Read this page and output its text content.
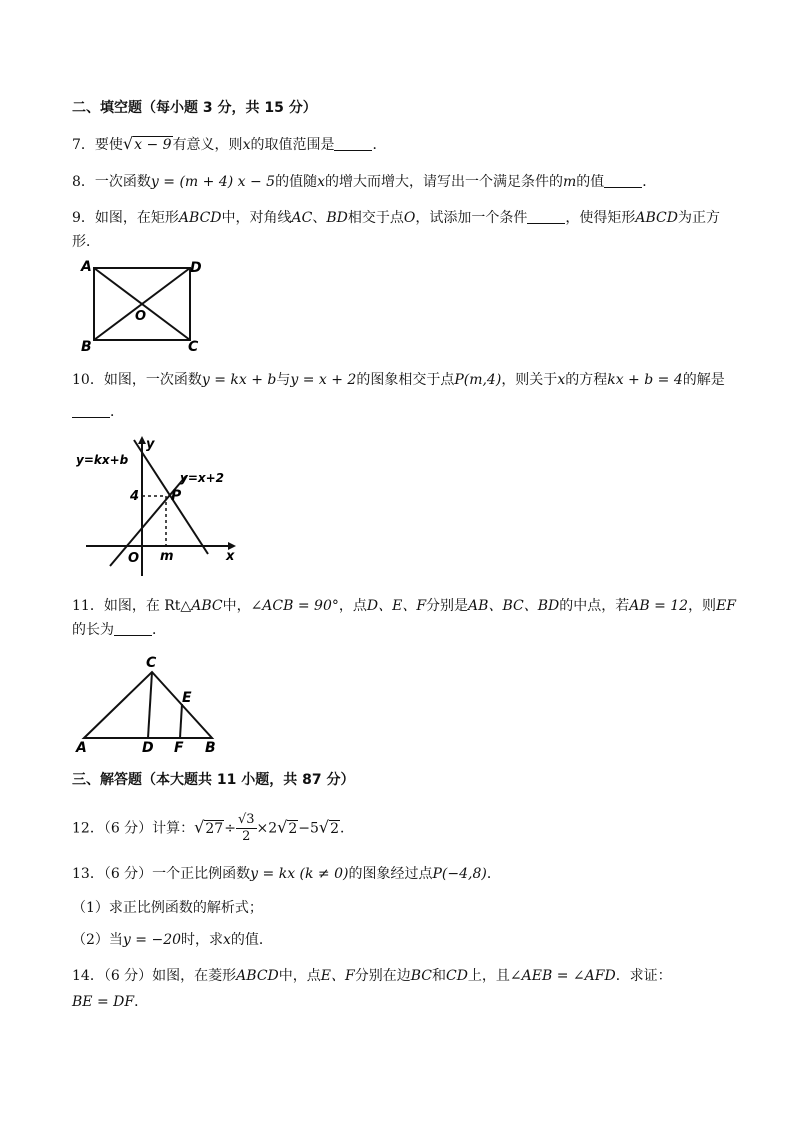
二、填空题（每小题 3 分，共 15 分）
7．要使√x − 9有意义，则x的取值范围是	．
8．一次函数y = (m + 4) x − 5的值随x的增大而增大，请写出一个满足条件的m的值	．
9．如图，在矩形ABCD中，对角线AC、BD相交于点O，试添加一个条件	，使得矩形ABCD为正方
形．
A	D
B	C
O
10．如图，一次函数y = kx + b与y = x + 2的图象相交于点P(m,4)，则关于x的方程kx + b = 4的解是
．
y
x
O m
4 P
y=kx+b
y=x+2
11．如图，在 Rt△ABC中，∠ACB = 90°，点D、E、F分别是AB、BC、BD的中点，若AB = 12，则EF
的长为	．
C
A	D F B
E
三、解答题（本大题共 11 小题，共 87 分）
12．（6 分）计算：$√27\div \frac{√3}{2} \times 2√2-5√2$．
13．（6 分）一个正比例函数y = kx (k ≠ 0)的图象经过点P(−4,8)．
（1）求正比例函数的解析式；
（2）当y = −20时，求x的值．
14．（6 分）如图，在菱形ABCD中，点E、F分别在边BC和CD上，且∠AEB = ∠AFD．求证：
BE = DF．
